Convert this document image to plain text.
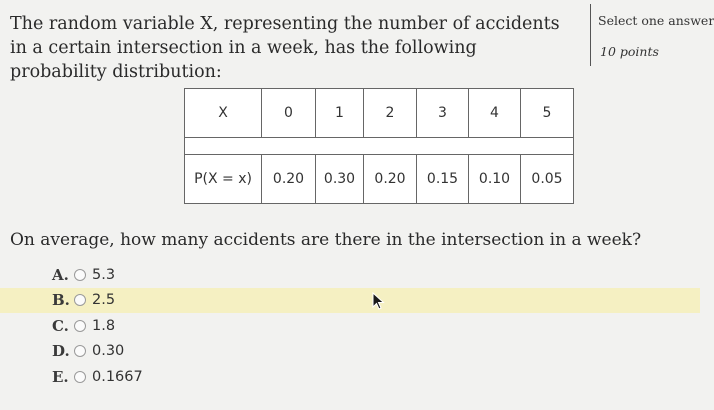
The random variable X, representing the number of accidents in a certain intersection in a week, has the following probability distribution:
Select one answer
10 points
X	0	1	2	3	4	5

P(X = x)	0.20	0.30	0.20	0.15	0.10	0.05
On average, how many accidents are there in the intersection in a week?
A.	5.3
B. 2.5
C.	1.8
D. 0.30
E.	0.1667
